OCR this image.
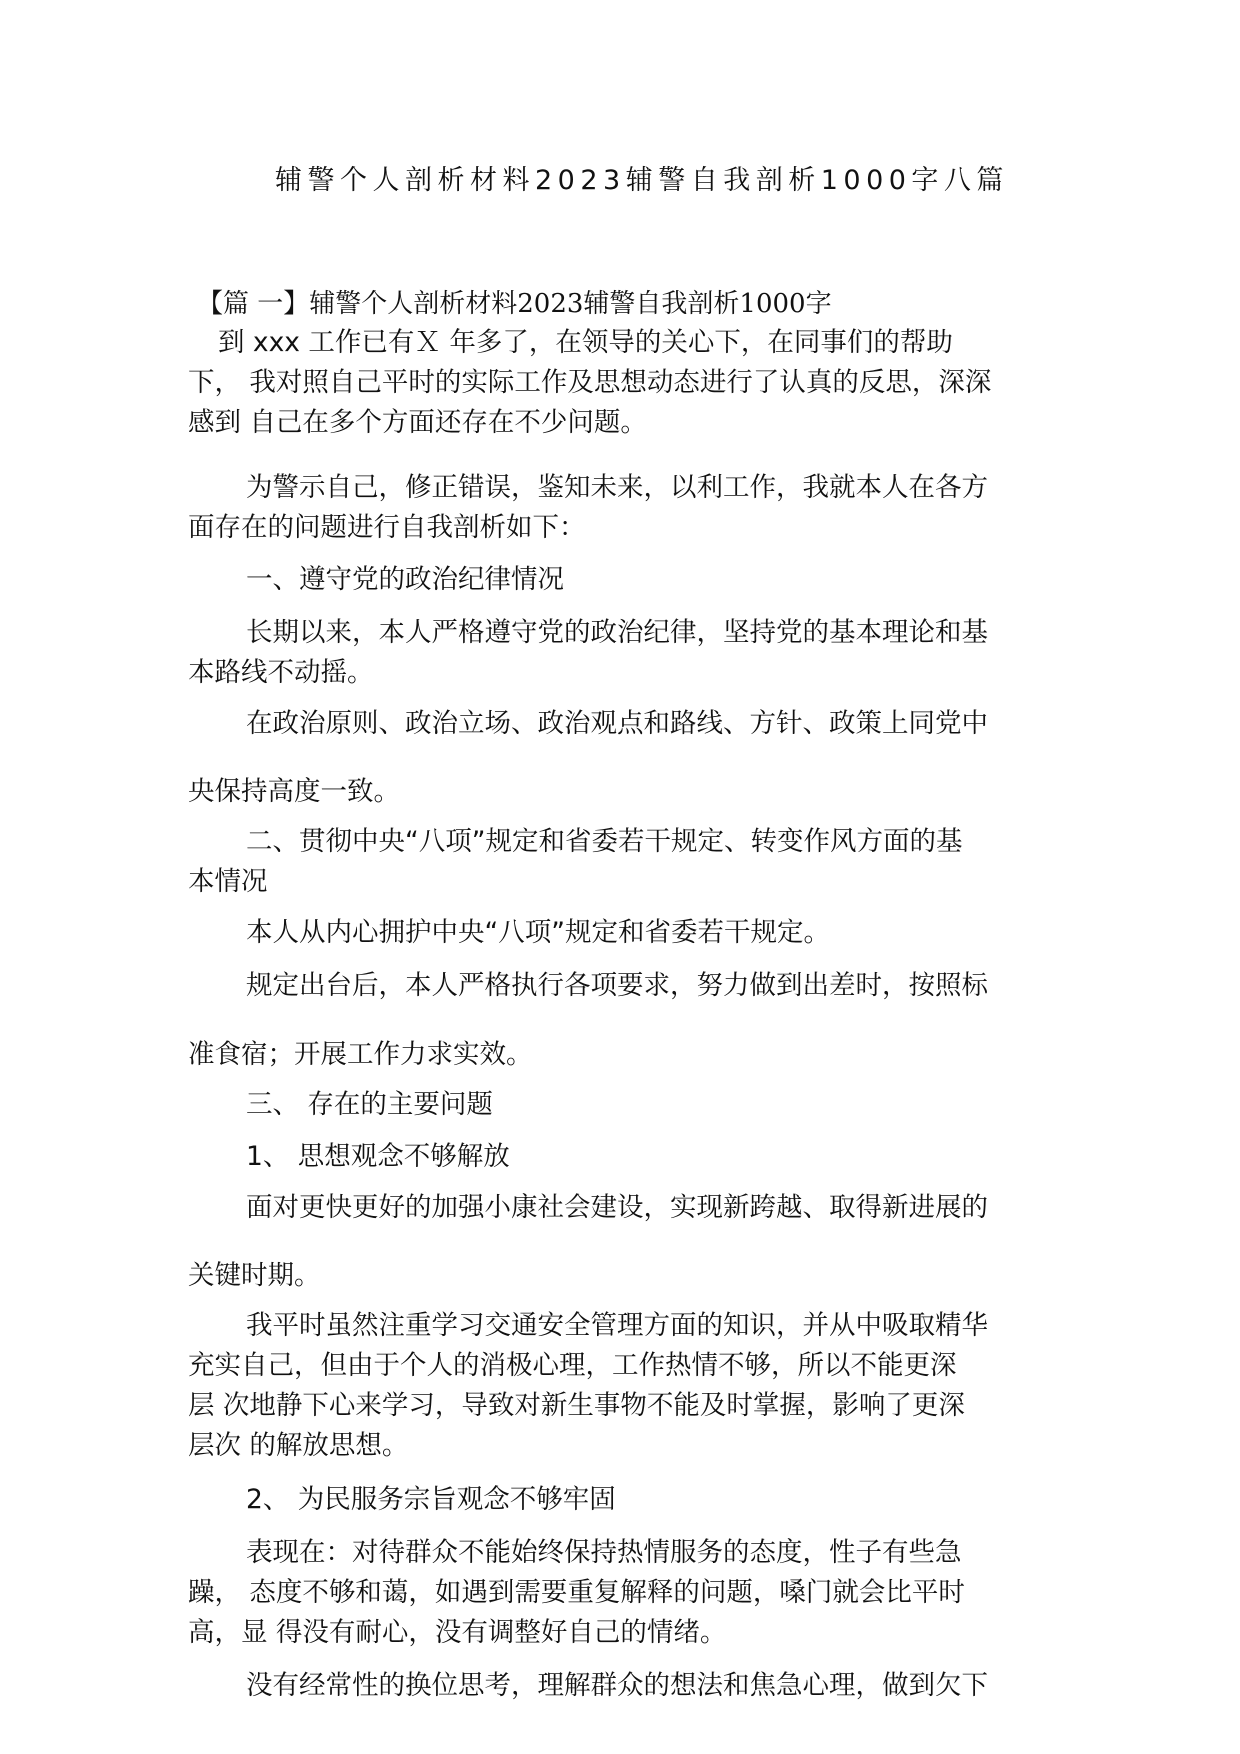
辅警个人剖析材料2023辅警自我剖析1000字八篇
【篇 一】辅警个人剖析材料2023辅警自我剖析1000字
到 xxx 工作已有Ｘ 年多了，在领导的关心下，在同事们的帮助
下， 我对照自己平时的实际工作及思想动态进行了认真的反思，深深
感到 自己在多个方面还存在不少问题。
为警示自己，修正错误，鉴知未来，以利工作，我就本人在各方
面存在的问题进行自我剖析如下：
一、遵守党的政治纪律情况
长期以来，本人严格遵守党的政治纪律，坚持党的基本理论和基
本路线不动摇。
在政治原则、政治立场、政治观点和路线、方针、政策上同党中
央保持高度一致。
二、贯彻中央“八项”规定和省委若干规定、转变作风方面的基
本情况
本人从内心拥护中央“八项”规定和省委若干规定。
规定出台后，本人严格执行各项要求，努力做到出差时，按照标
准食宿；开展工作力求实效。
三、 存在的主要问题
1、 思想观念不够解放
面对更快更好的加强小康社会建设，实现新跨越、取得新进展的
关键时期。
我平时虽然注重学习交通安全管理方面的知识，并从中吸取精华
充实自己，但由于个人的消极心理，工作热情不够，所以不能更深
层 次地静下心来学习，导致对新生事物不能及时掌握，影响了更深
层次 的解放思想。
2、 为民服务宗旨观念不够牢固
表现在：对待群众不能始终保持热情服务的态度，性子有些急
躁， 态度不够和蔼，如遇到需要重复解释的问题，嗓门就会比平时
高，显 得没有耐心，没有调整好自己的情绪。
没有经常性的换位思考，理解群众的想法和焦急心理，做到欠下
